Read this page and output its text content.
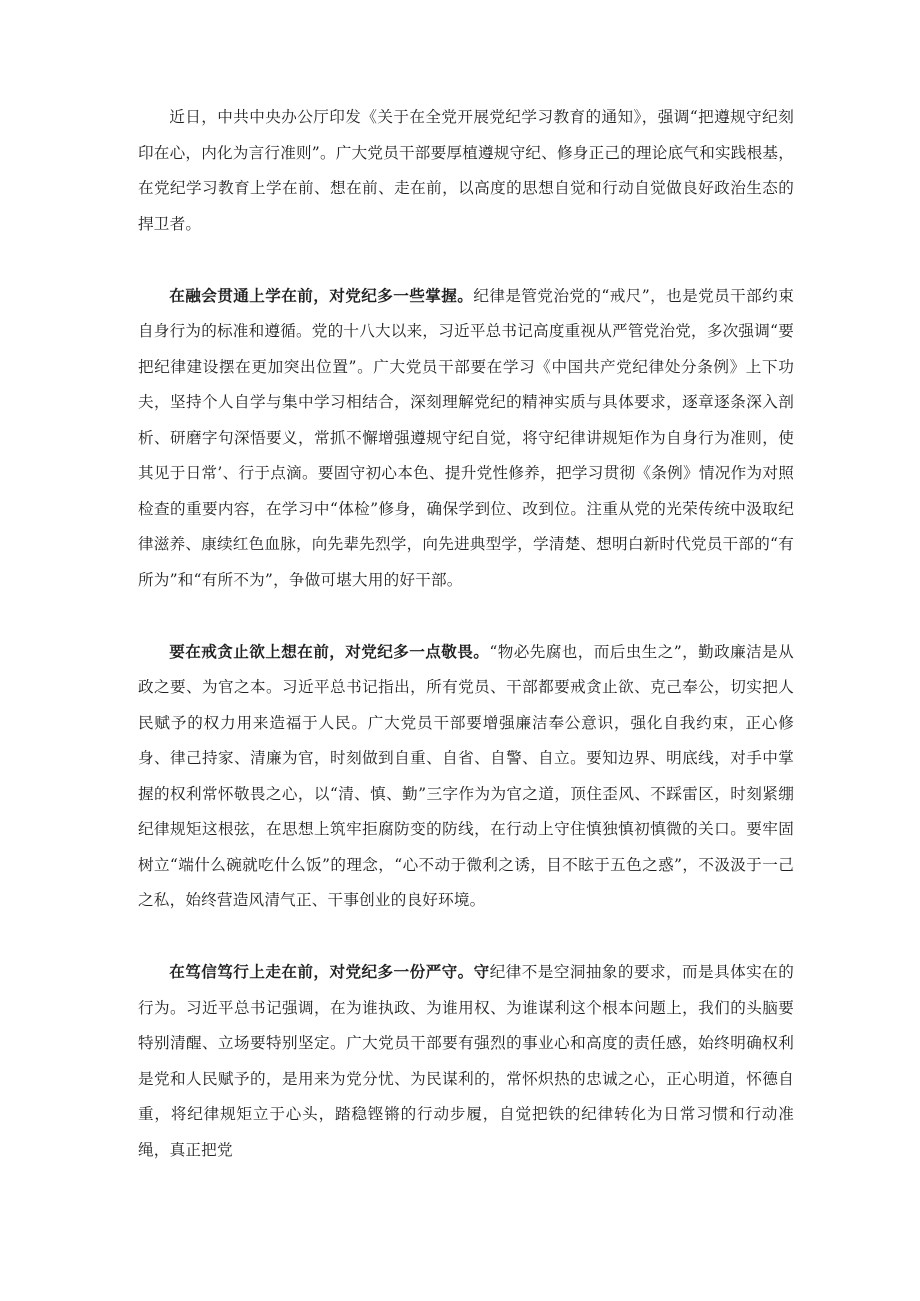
近日，中共中央办公厅印发《关于在全党开展党纪学习教育的通知》，强调“把遵规守纪刻印在心，内化为言行准则”。广大党员干部要厚植遵规守纪、修身正己的理论底气和实践根基，在党纪学习教育上学在前、想在前、走在前，以高度的思想自觉和行动自觉做良好政治生态的捍卫者。

在融会贯通上学在前，对党纪多一些掌握。纪律是管党治党的“戒尺”，也是党员干部约束自身行为的标准和遵循。党的十八大以来，习近平总书记高度重视从严管党治党，多次强调“要把纪律建设摆在更加突出位置”。广大党员干部要在学习《中国共产党纪律处分条例》上下功夫，坚持个人自学与集中学习相结合，深刻理解党纪的精神实质与具体要求，逐章逐条深入剖析、研磨字句深悟要义，常抓不懈增强遵规守纪自觉，将守纪律讲规矩作为自身行为准则，使其见于日常’、行于点滴。要固守初心本色、提升党性修养，把学习贯彻《条例》情况作为对照检查的重要内容，在学习中“体检”修身，确保学到位、改到位。注重从党的光荣传统中汲取纪律滋养、康续红色血脉，向先辈先烈学，向先进典型学，学清楚、想明白新时代党员干部的“有所为”和“有所不为”，争做可堪大用的好干部。

要在戒贪止欲上想在前，对党纪多一点敬畏。“物必先腐也，而后虫生之”，勤政廉洁是从政之要、为官之本。习近平总书记指出，所有党员、干部都要戒贪止欲、克己奉公，切实把人民赋予的权力用来造福于人民。广大党员干部要增强廉洁奉公意识，强化自我约束，正心修身、律己持家、清廉为官，时刻做到自重、自省、自警、自立。要知边界、明底线，对手中掌握的权利常怀敬畏之心，以“清、慎、勤”三字作为为官之道，顶住歪风、不踩雷区，时刻紧绷纪律规矩这根弦，在思想上筑牢拒腐防变的防线，在行动上守住慎独慎初慎微的关口。要牢固树立“端什么碗就吃什么饭”的理念，“心不动于微利之诱，目不眩于五色之惑”，不汲汲于一己之私，始终营造风清气正、干事创业的良好环境。

在笃信笃行上走在前，对党纪多一份严守。守纪律不是空洞抽象的要求，而是具体实在的行为。习近平总书记强调，在为谁执政、为谁用权、为谁谋利这个根本问题上，我们的头脑要特别清醒、立场要特别坚定。广大党员干部要有强烈的事业心和高度的责任感，始终明确权利是党和人民赋予的，是用来为党分忧、为民谋利的，常怀炽热的忠诚之心，正心明道，怀德自重，将纪律规矩立于心头，踏稳铿锵的行动步履，自觉把铁的纪律转化为日常习惯和行动准绳，真正把党
